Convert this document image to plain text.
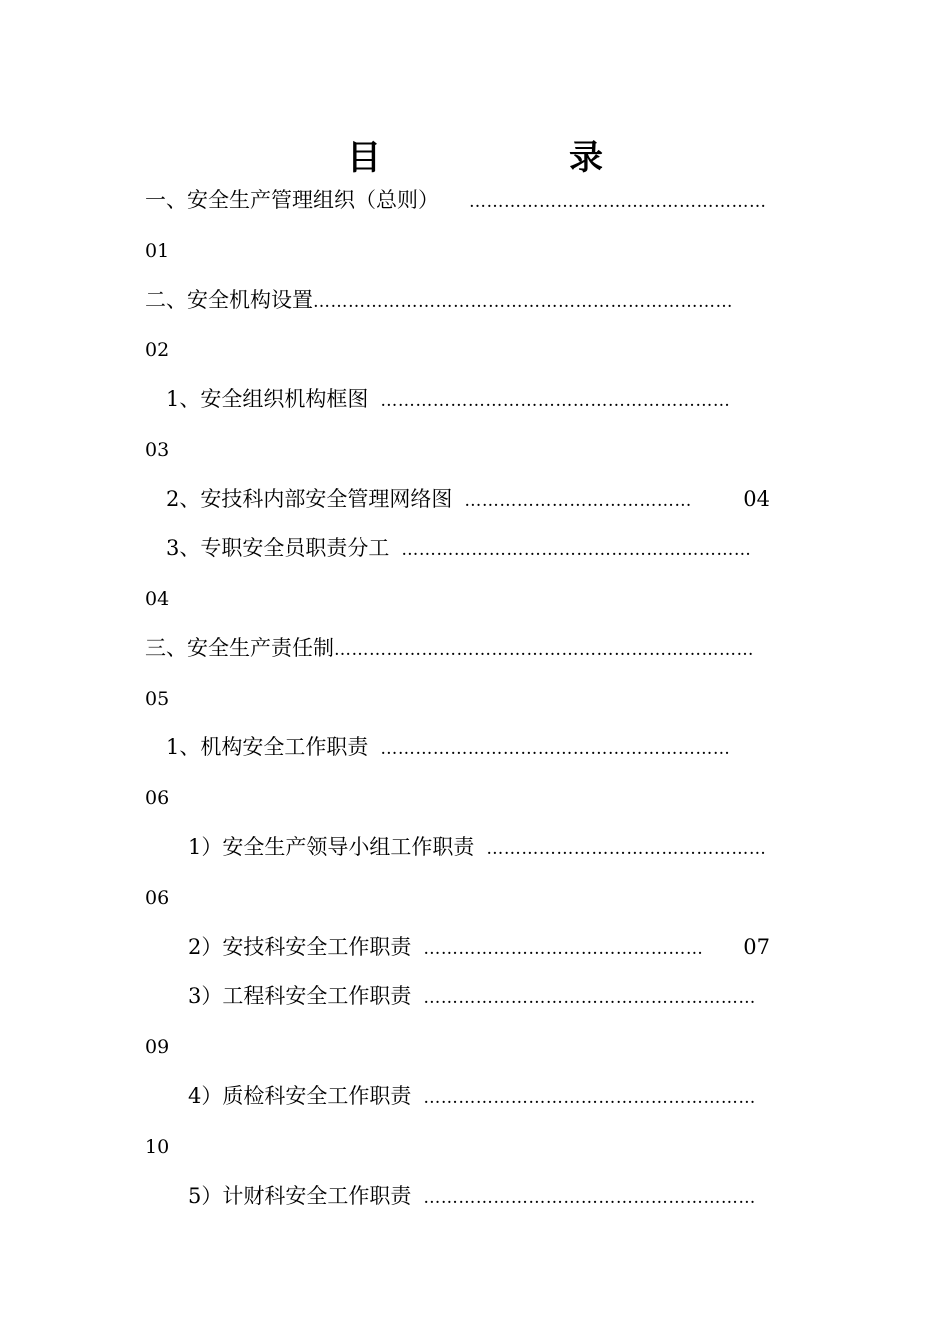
目　　录
一、安全生产管理组织（总则）	……………………………………………
01
二、安全机构设置 ………………………………………………………………
02
1、安全组织机构框图 ……………………………………………………
03
2、安技科内部安全管理网络图 …………………………………	04
3、专职安全员职责分工 ……………………………………………………
04
三、安全生产责任制 ………………………………………………………………
05
1、机构安全工作职责 ……………………………………………………
06
1）安全生产领导小组工作职责 …………………………………………
06
2）安技科安全工作职责 …………………………………………	07
3）工程科安全工作职责 …………………………………………………
09
4）质检科安全工作职责 …………………………………………………
10
5）计财科安全工作职责 …………………………………………………
